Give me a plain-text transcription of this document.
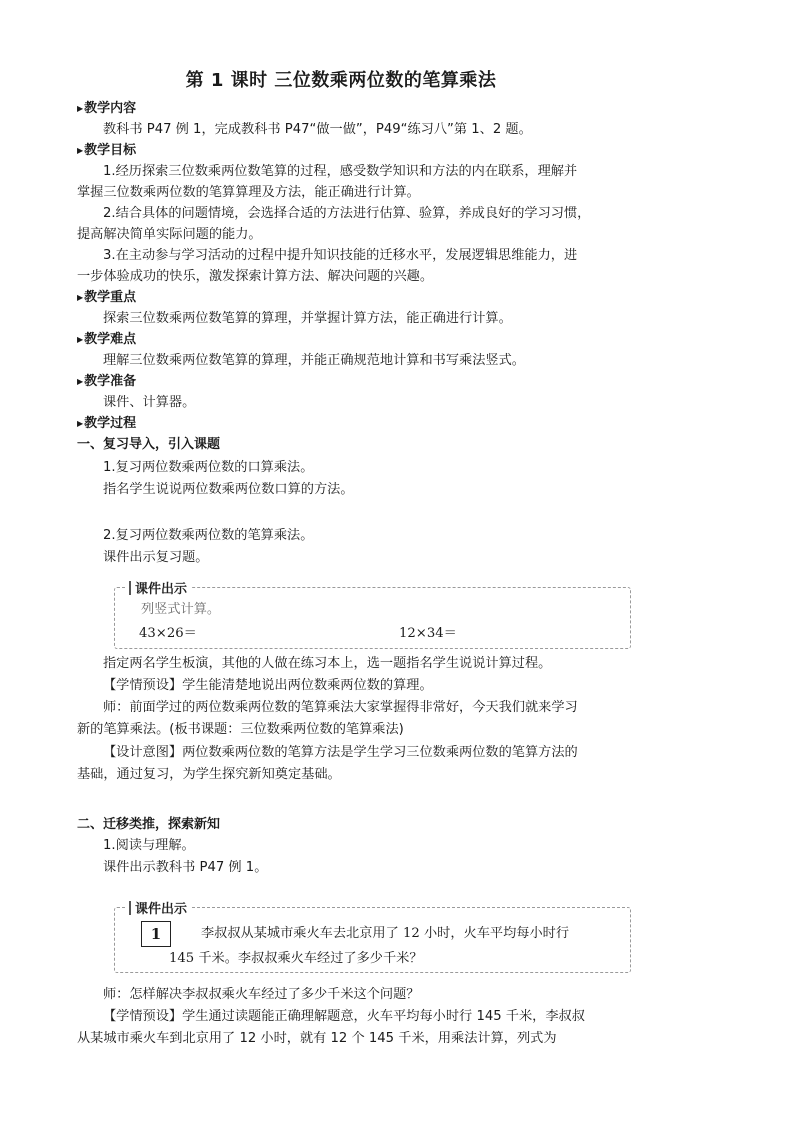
第 1 课时 三位数乘两位数的笔算乘法
▶教学内容
教科书 P47 例 1，完成教科书 P47“做一做”，P49“练习八”第 1、2 题。
▶教学目标
1.经历探索三位数乘两位数笔算的过程，感受数学知识和方法的内在联系，理解并
掌握三位数乘两位数的笔算算理及方法，能正确进行计算。
2.结合具体的问题情境，会选择合适的方法进行估算、验算，养成良好的学习习惯，
提高解决简单实际问题的能力。
3.在主动参与学习活动的过程中提升知识技能的迁移水平，发展逻辑思维能力，进
一步体验成功的快乐，激发探索计算方法、解决问题的兴趣。
▶教学重点
探索三位数乘两位数笔算的算理，并掌握计算方法，能正确进行计算。
▶教学难点
理解三位数乘两位数笔算的算理，并能正确规范地计算和书写乘法竖式。
▶教学准备
课件、计算器。
▶教学过程
一、复习导入，引入课题
1.复习两位数乘两位数的口算乘法。
指名学生说说两位数乘两位数口算的方法。
2.复习两位数乘两位数的笔算乘法。
课件出示复习题。
课件出示
列竖式计算。
43×26＝	12×34＝
指定两名学生板演，其他的人做在练习本上，选一题指名学生说说计算过程。
【学情预设】学生能清楚地说出两位数乘两位数的算理。
师：前面学过的两位数乘两位数的笔算乘法大家掌握得非常好，今天我们就来学习
新的笔算乘法。(板书课题：三位数乘两位数的笔算乘法)
【设计意图】两位数乘两位数的笔算方法是学生学习三位数乘两位数的笔算方法的
基础，通过复习，为学生探究新知奠定基础。
二、迁移类推，探索新知
1.阅读与理解。
课件出示教科书 P47 例 1。
课件出示
1	李叔叔从某城市乘火车去北京用了 12 小时，火车平均每小时行
145 千米。李叔叔乘火车经过了多少千米？
师：怎样解决李叔叔乘火车经过了多少千米这个问题？
【学情预设】学生通过读题能正确理解题意，火车平均每小时行 145 千米，李叔叔
从某城市乘火车到北京用了 12 小时，就有 12 个 145 千米，用乘法计算，列式为
